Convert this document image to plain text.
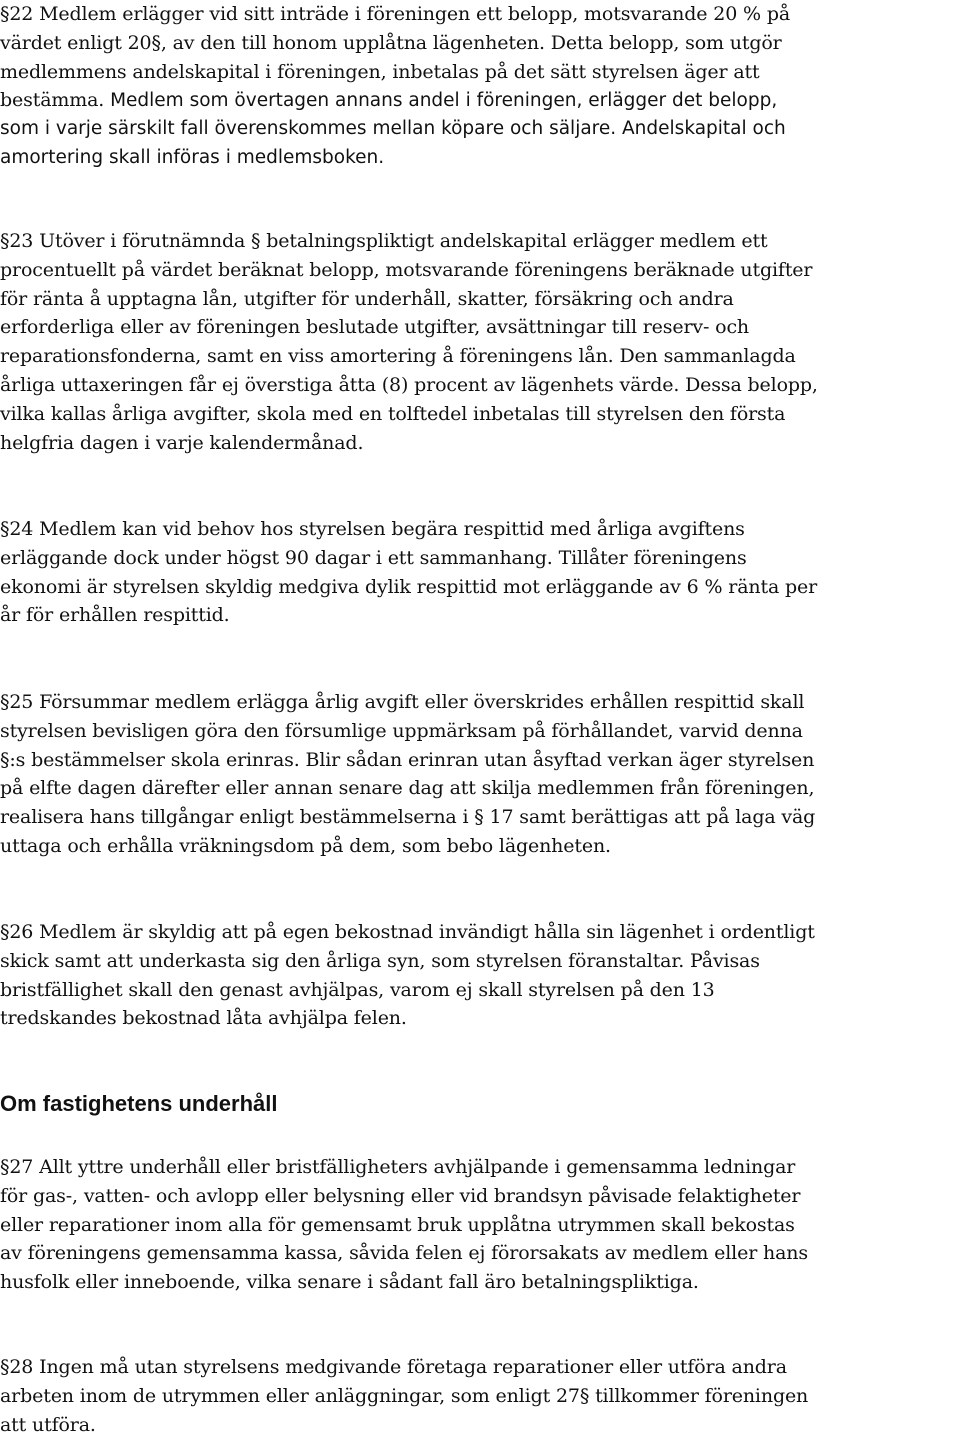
§22 Medlem erlägger vid sitt inträde i föreningen ett belopp, motsvarande 20 % på
värdet enligt 20§, av den till honom upplåtna lägenheten. Detta belopp, som utgör
medlemmens andelskapital i föreningen, inbetalas på det sätt styrelsen äger att
bestämma. Medlem som övertagen annans andel i föreningen, erlägger det belopp,
som i varje särskilt fall överenskommes mellan köpare och säljare. Andelskapital och
amortering skall införas i medlemsboken.
§23 Utöver i förutnämnda § betalningspliktigt andelskapital erlägger medlem ett
procentuellt på värdet beräknat belopp, motsvarande föreningens beräknade utgifter
för ränta å upptagna lån, utgifter för underhåll, skatter, försäkring och andra
erforderliga eller av föreningen beslutade utgifter, avsättningar till reserv- och
reparationsfonderna, samt en viss amortering å föreningens lån. Den sammanlagda
årliga uttaxeringen får ej överstiga åtta (8) procent av lägenhets värde. Dessa belopp,
vilka kallas årliga avgifter, skola med en tolftedel inbetalas till styrelsen den första
helgfria dagen i varje kalendermånad.
§24 Medlem kan vid behov hos styrelsen begära respittid med årliga avgiftens
erläggande dock under högst 90 dagar i ett sammanhang. Tillåter föreningens
ekonomi är styrelsen skyldig medgiva dylik respittid mot erläggande av 6 % ränta per
år för erhållen respittid.
§25 Försummar medlem erlägga årlig avgift eller överskrides erhållen respittid skall
styrelsen bevisligen göra den försumlige uppmärksam på förhållandet, varvid denna
§:s bestämmelser skola erinras. Blir sådan erinran utan åsyftad verkan äger styrelsen
på elfte dagen därefter eller annan senare dag att skilja medlemmen från föreningen,
realisera hans tillgångar enligt bestämmelserna i § 17 samt berättigas att på laga väg
uttaga och erhålla vräkningsdom på dem, som bebo lägenheten.
§26 Medlem är skyldig att på egen bekostnad invändigt hålla sin lägenhet i ordentligt
skick samt att underkasta sig den årliga syn, som styrelsen föranstaltar. Påvisas
bristfällighet skall den genast avhjälpas, varom ej skall styrelsen på den 13
tredskandes bekostnad låta avhjälpa felen.
Om fastighetens underhåll
§27 Allt yttre underhåll eller bristfälligheters avhjälpande i gemensamma ledningar
för gas-, vatten- och avlopp eller belysning eller vid brandsyn påvisade felaktigheter
eller reparationer inom alla för gemensamt bruk upplåtna utrymmen skall bekostas
av föreningens gemensamma kassa, såvida felen ej förorsakats av medlem eller hans
husfolk eller inneboende, vilka senare i sådant fall äro betalningspliktiga.
§28 Ingen må utan styrelsens medgivande företaga reparationer eller utföra andra
arbeten inom de utrymmen eller anläggningar, som enligt 27§ tillkommer föreningen
att utföra.
